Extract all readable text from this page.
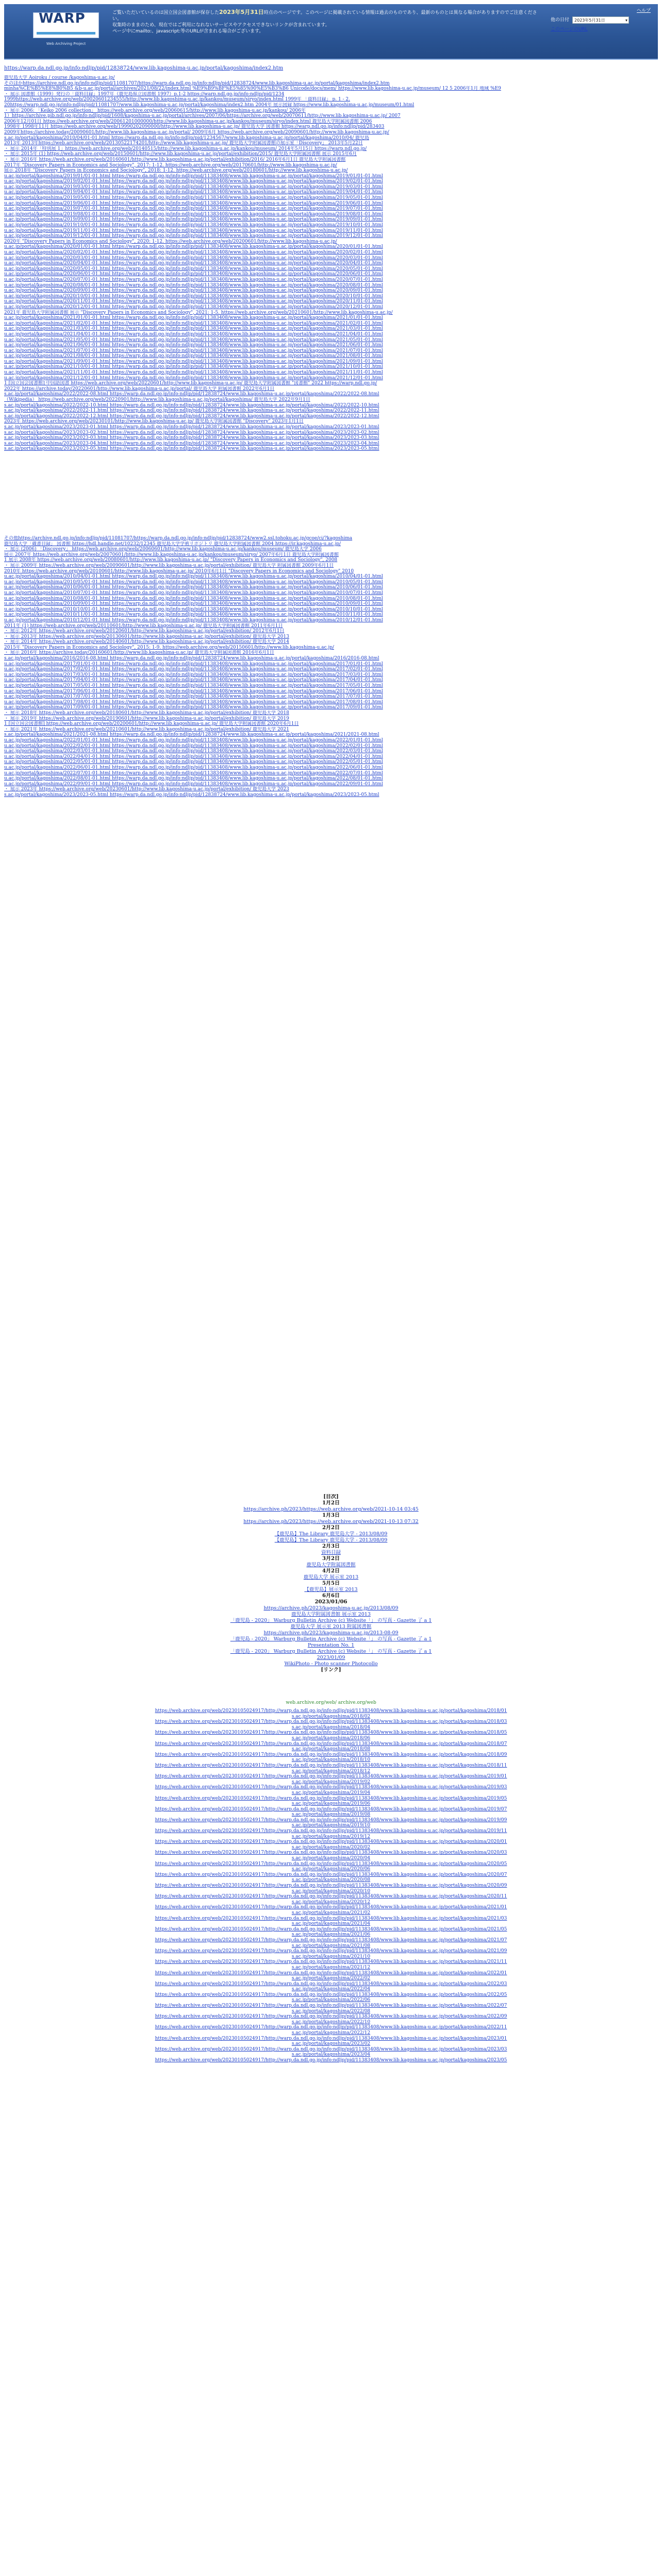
WARP
Web Archiving Project
ご覧いただいているのは国立国会図書館が保存した2023年5月31日時点のページです。このページに掲載されている情報は過去のものであり、最新のものとは異なる場合がありますのでご注意ください。
収集時のままのため、現在ではご利用になれないサービスやアクセスできないリンクが含まれています。
ページ中にmailto:、javascript:等のURLが含まれる場合がございます。
ヘルプ
他の日付	2023年5月31日	▾
このページのURL
https://warp.da.ndl.go.jp/info:ndljp/pid/12838724/www.lib.kagoshima-u.ac.jp/portal/kagoshima/index2.htm
鹿児島大学 Aoiroku / course /kagoshima-u.ac.jp/
そのほかhttps://archive.ndl.go.jp/info:ndljp/pid/11081707/https://warp.da.ndl.go.jp/info:ndljp/pid/12838724/www.lib.kagoshima-u.ac.jp/portal/kagoshima/index2.htm
minha%CE%B5%E8%B0%B5 &b-u.ac.jp/portal/archives/2021/08/22/index.html %E9%B9%BF%E5%85%90%E5%B3%B6 Unicode/docs/mem/ https://www.lib.kagoshima-u.ac.jp/museum/ 12 5 2006年1月 地域 %E9
・ 展示 図書館（1999）発行の「資料目録」1997年（鹿児島県立図書館 1997）p.1-2 https://warp.ndl.go.jp/info:ndljp/pid/1234
1999https://web.archive.org/web/20020601234555/http://www.lib.kagoshima-u.ac.jp/kankou/museum/siryo/index.html 1999年 「資料目録」 p. 1 - 2.
20https://warp.ndl.go.jp/info:ndljp/pid/11081707/www.lib.kagoshima-u.ac.jp/portal/kagoshima/index2.htm 2004年 展示図録 https://www.lib.kagoshima-u.ac.jp/museum/01.html
・ 展示 2006: 「Keiko 2006 collection」 https://web.archive.org/web/20060615/http://www.lib.kagoshima-u.ac.jp/kankou/ 2006年
1）https://archive.pib.ndl.go.jp/info:ndljp/pid/1608/kagoshima-u.ac.jp/portal/archives/2007/06/https://archive.org/web/20070611/http://www.lib.kagoshima-u.ac.jp/ 2007
2006年12月01日 https://web.archive.org/web/20061201000000/http://www.lib.kagoshima-u.ac.jp/kankou/museum/siryo/index.html 鹿児島大学附属図書館 2006
1998年 1998年11月 https://web.archive.org/web/19990202090000/http://www.lib.kagoshima-u.ac.jp/ 鹿児島大学 図書館 https://warp.ndl.go.jp/info:ndljp/pid/283403
2009年https://archive.today/20090601/http://www.lib.kagoshima-u.ac.jp/portal/ 2009年6月 https://web.archive.org/web/20090601/http://www.lib.kagoshima-u.ac.jp/
s.ac.jp/portal/kagoshima/2010/04/01-01.html https://warp.da.ndl.go.jp/info:ndljp/pid/1234567/www.lib.kagoshima-u.ac.jp/portal/kagoshima/2010/04/ 鹿児島
2013年 2013年https://web.archive.org/web/20130522174201/http://www.lib.kagoshima-u.ac.jp/ 鹿児島大学附属図書館の展示室「Discovery」 2013年5月22日
・ 展示 2014年「特別展 1」https://web.archive.org/web/20140515/http://www.lib.kagoshima-u.ac.jp/kankou/museum/ 2014年5月15日 https://warp.ndl.go.jp/
・ 展示 2015年 (1) https://web.archive.org/web/20150601/http://www.lib.kagoshima-u.ac.jp/portal/exhibition/2015/ 鹿児島大学附属図書館 展示 2015年6月
・ 展示 2016年 https://web.archive.org/web/20160601/http://www.lib.kagoshima-u.ac.jp/portal/exhibition/2016/ 2016年6月1日 鹿児島大学附属図書館
2017年 "Discovery Papers in Economics and Sociology", 2017: 1-12. https://web.archive.org/web/20170601/http://www.lib.kagoshima-u.ac.jp/
展示 2018年 "Discovery Papers in Economics and Sociology", 2018: 1-12. https://web.archive.org/web/20180601/http://www.lib.kagoshima-u.ac.jp/
u.ac.jp/portal/kagoshima/2019/01/01-01.html https://warp.da.ndl.go.jp/info:ndljp/pid/11383408/www.lib.kagoshima-u.ac.jp/portal/kagoshima/2019/01/01-01.html
u.ac.jp/portal/kagoshima/2019/02/01-01.html https://warp.da.ndl.go.jp/info:ndljp/pid/11383408/www.lib.kagoshima-u.ac.jp/portal/kagoshima/2019/02/01-01.html
u.ac.jp/portal/kagoshima/2019/03/01-01.html https://warp.da.ndl.go.jp/info:ndljp/pid/11383408/www.lib.kagoshima-u.ac.jp/portal/kagoshima/2019/03/01-01.html
u.ac.jp/portal/kagoshima/2019/04/01-01.html https://warp.da.ndl.go.jp/info:ndljp/pid/11383408/www.lib.kagoshima-u.ac.jp/portal/kagoshima/2019/04/01-01.html
u.ac.jp/portal/kagoshima/2019/05/01-01.html https://warp.da.ndl.go.jp/info:ndljp/pid/11383408/www.lib.kagoshima-u.ac.jp/portal/kagoshima/2019/05/01-01.html
u.ac.jp/portal/kagoshima/2019/06/01-01.html https://warp.da.ndl.go.jp/info:ndljp/pid/11383408/www.lib.kagoshima-u.ac.jp/portal/kagoshima/2019/06/01-01.html
u.ac.jp/portal/kagoshima/2019/07/01-01.html https://warp.da.ndl.go.jp/info:ndljp/pid/11383408/www.lib.kagoshima-u.ac.jp/portal/kagoshima/2019/07/01-01.html
u.ac.jp/portal/kagoshima/2019/08/01-01.html https://warp.da.ndl.go.jp/info:ndljp/pid/11383408/www.lib.kagoshima-u.ac.jp/portal/kagoshima/2019/08/01-01.html
u.ac.jp/portal/kagoshima/2019/09/01-01.html https://warp.da.ndl.go.jp/info:ndljp/pid/11383408/www.lib.kagoshima-u.ac.jp/portal/kagoshima/2019/09/01-01.html
u.ac.jp/portal/kagoshima/2019/10/01-01.html https://warp.da.ndl.go.jp/info:ndljp/pid/11383408/www.lib.kagoshima-u.ac.jp/portal/kagoshima/2019/10/01-01.html
u.ac.jp/portal/kagoshima/2019/11/01-01.html https://warp.da.ndl.go.jp/info:ndljp/pid/11383408/www.lib.kagoshima-u.ac.jp/portal/kagoshima/2019/11/01-01.html
u.ac.jp/portal/kagoshima/2019/12/01-01.html https://warp.da.ndl.go.jp/info:ndljp/pid/11383408/www.lib.kagoshima-u.ac.jp/portal/kagoshima/2019/12/01-01.html
2020年 "Discovery Papers in Economics and Sociology", 2020: 1-12. https://web.archive.org/web/20200601/http://www.lib.kagoshima-u.ac.jp/
u.ac.jp/portal/kagoshima/2020/01/01-01.html https://warp.da.ndl.go.jp/info:ndljp/pid/11383408/www.lib.kagoshima-u.ac.jp/portal/kagoshima/2020/01/01-01.html
u.ac.jp/portal/kagoshima/2020/02/01-01.html https://warp.da.ndl.go.jp/info:ndljp/pid/11383408/www.lib.kagoshima-u.ac.jp/portal/kagoshima/2020/02/01-01.html
u.ac.jp/portal/kagoshima/2020/03/01-01.html https://warp.da.ndl.go.jp/info:ndljp/pid/11383408/www.lib.kagoshima-u.ac.jp/portal/kagoshima/2020/03/01-01.html
u.ac.jp/portal/kagoshima/2020/04/01-01.html https://warp.da.ndl.go.jp/info:ndljp/pid/11383408/www.lib.kagoshima-u.ac.jp/portal/kagoshima/2020/04/01-01.html
u.ac.jp/portal/kagoshima/2020/05/01-01.html https://warp.da.ndl.go.jp/info:ndljp/pid/11383408/www.lib.kagoshima-u.ac.jp/portal/kagoshima/2020/05/01-01.html
u.ac.jp/portal/kagoshima/2020/06/01-01.html https://warp.da.ndl.go.jp/info:ndljp/pid/11383408/www.lib.kagoshima-u.ac.jp/portal/kagoshima/2020/06/01-01.html
u.ac.jp/portal/kagoshima/2020/07/01-01.html https://warp.da.ndl.go.jp/info:ndljp/pid/11383408/www.lib.kagoshima-u.ac.jp/portal/kagoshima/2020/07/01-01.html
u.ac.jp/portal/kagoshima/2020/08/01-01.html https://warp.da.ndl.go.jp/info:ndljp/pid/11383408/www.lib.kagoshima-u.ac.jp/portal/kagoshima/2020/08/01-01.html
u.ac.jp/portal/kagoshima/2020/09/01-01.html https://warp.da.ndl.go.jp/info:ndljp/pid/11383408/www.lib.kagoshima-u.ac.jp/portal/kagoshima/2020/09/01-01.html
u.ac.jp/portal/kagoshima/2020/10/01-01.html https://warp.da.ndl.go.jp/info:ndljp/pid/11383408/www.lib.kagoshima-u.ac.jp/portal/kagoshima/2020/10/01-01.html
u.ac.jp/portal/kagoshima/2020/11/01-01.html https://warp.da.ndl.go.jp/info:ndljp/pid/11383408/www.lib.kagoshima-u.ac.jp/portal/kagoshima/2020/11/01-01.html
u.ac.jp/portal/kagoshima/2020/12/01-01.html https://warp.da.ndl.go.jp/info:ndljp/pid/11383408/www.lib.kagoshima-u.ac.jp/portal/kagoshima/2020/12/01-01.html
2021年 鹿児島大学附属図書館 展示 "Discovery Papers in Economics and Sociology", 2021: 1-5. https://web.archive.org/web/20210601/http://www.lib.kagoshima-u.ac.jp/
u.ac.jp/portal/kagoshima/2021/01/01-01.html https://warp.da.ndl.go.jp/info:ndljp/pid/11383408/www.lib.kagoshima-u.ac.jp/portal/kagoshima/2021/01/01-01.html
u.ac.jp/portal/kagoshima/2021/02/01-01.html https://warp.da.ndl.go.jp/info:ndljp/pid/11383408/www.lib.kagoshima-u.ac.jp/portal/kagoshima/2021/02/01-01.html
u.ac.jp/portal/kagoshima/2021/03/01-01.html https://warp.da.ndl.go.jp/info:ndljp/pid/11383408/www.lib.kagoshima-u.ac.jp/portal/kagoshima/2021/03/01-01.html
u.ac.jp/portal/kagoshima/2021/04/01-01.html https://warp.da.ndl.go.jp/info:ndljp/pid/11383408/www.lib.kagoshima-u.ac.jp/portal/kagoshima/2021/04/01-01.html
u.ac.jp/portal/kagoshima/2021/05/01-01.html https://warp.da.ndl.go.jp/info:ndljp/pid/11383408/www.lib.kagoshima-u.ac.jp/portal/kagoshima/2021/05/01-01.html
u.ac.jp/portal/kagoshima/2021/06/01-01.html https://warp.da.ndl.go.jp/info:ndljp/pid/11383408/www.lib.kagoshima-u.ac.jp/portal/kagoshima/2021/06/01-01.html
u.ac.jp/portal/kagoshima/2021/07/01-01.html https://warp.da.ndl.go.jp/info:ndljp/pid/11383408/www.lib.kagoshima-u.ac.jp/portal/kagoshima/2021/07/01-01.html
u.ac.jp/portal/kagoshima/2021/08/01-01.html https://warp.da.ndl.go.jp/info:ndljp/pid/11383408/www.lib.kagoshima-u.ac.jp/portal/kagoshima/2021/08/01-01.html
u.ac.jp/portal/kagoshima/2021/09/01-01.html https://warp.da.ndl.go.jp/info:ndljp/pid/11383408/www.lib.kagoshima-u.ac.jp/portal/kagoshima/2021/09/01-01.html
u.ac.jp/portal/kagoshima/2021/10/01-01.html https://warp.da.ndl.go.jp/info:ndljp/pid/11383408/www.lib.kagoshima-u.ac.jp/portal/kagoshima/2021/10/01-01.html
u.ac.jp/portal/kagoshima/2021/11/01-01.html https://warp.da.ndl.go.jp/info:ndljp/pid/11383408/www.lib.kagoshima-u.ac.jp/portal/kagoshima/2021/11/01-01.html
u.ac.jp/portal/kagoshima/2021/12/01-01.html https://warp.da.ndl.go.jp/info:ndljp/pid/11383408/www.lib.kagoshima-u.ac.jp/portal/kagoshima/2021/12/01-01.html
1 [国立国会図書館] 中国語図書 https://web.archive.org/web/20220601/http://www.lib.kagoshima-u.ac.jp/ 鹿児島大学附属図書館 "図書館" 2022 https://warp.ndl.go.jp/
2022年 https://archive.today/20220601/http://www.lib.kagoshima-u.ac.jp/portal/ 鹿児島大学 附属図書館 2022年6月1日
s.ac.jp/portal/kagoshima/2022/2022-08.html https://warp.da.ndl.go.jp/info:ndljp/pid/12838724/www.lib.kagoshima-u.ac.jp/portal/kagoshima/2022/2022-08.html
（Wikipedia） https://web.archive.org/web/20220901/http://www.lib.kagoshima-u.ac.jp/portal/kagoshima/ 鹿児島大学 2022年9月1日
s.ac.jp/portal/kagoshima/2022/2022-10.html https://warp.da.ndl.go.jp/info:ndljp/pid/12838724/www.lib.kagoshima-u.ac.jp/portal/kagoshima/2022/2022-10.html
s.ac.jp/portal/kagoshima/2022/2022-11.html https://warp.da.ndl.go.jp/info:ndljp/pid/12838724/www.lib.kagoshima-u.ac.jp/portal/kagoshima/2022/2022-11.html
s.ac.jp/portal/kagoshima/2022/2022-12.html https://warp.da.ndl.go.jp/info:ndljp/pid/12838724/www.lib.kagoshima-u.ac.jp/portal/kagoshima/2022/2022-12.html
2023年 https://web.archive.org/web/20230101/http://www.lib.kagoshima-u.ac.jp/ 鹿児島大学附属図書館 "Discovery" 2023年1月1日
s.ac.jp/portal/kagoshima/2023/2023-01.html https://warp.da.ndl.go.jp/info:ndljp/pid/12838724/www.lib.kagoshima-u.ac.jp/portal/kagoshima/2023/2023-01.html
s.ac.jp/portal/kagoshima/2023/2023-02.html https://warp.da.ndl.go.jp/info:ndljp/pid/12838724/www.lib.kagoshima-u.ac.jp/portal/kagoshima/2023/2023-02.html
s.ac.jp/portal/kagoshima/2023/2023-03.html https://warp.da.ndl.go.jp/info:ndljp/pid/12838724/www.lib.kagoshima-u.ac.jp/portal/kagoshima/2023/2023-03.html
s.ac.jp/portal/kagoshima/2023/2023-04.html https://warp.da.ndl.go.jp/info:ndljp/pid/12838724/www.lib.kagoshima-u.ac.jp/portal/kagoshima/2023/2023-04.html
s.ac.jp/portal/kagoshima/2023/2023-05.html https://warp.da.ndl.go.jp/info:ndljp/pid/12838724/www.lib.kagoshima-u.ac.jp/portal/kagoshima/2023/2023-05.html
その他https://archive.ndl.go.jp/info:ndljp/pid/11081707/https://warp.da.ndl.go.jp/info:ndljp/pid/12838724/www2.ssl.tohoku.ac.jp/gcoe/ci/?kagoshima
鹿児島大学「蔵書目録」 図書館 https://hdl.handle.net/10232/12345 鹿児島大学学術リポジトリ 鹿児島大学附属図書館 2004 https://ir.kagoshima-u.ac.jp/
・ 展示 (2006) 「Discovery」 https://web.archive.org/web/20060601/http://www.lib.kagoshima-u.ac.jp/kankou/museum/ 鹿児島大学 2006
展示 2007年 https://web.archive.org/web/20070601/http://www.lib.kagoshima-u.ac.jp/kankou/museum/siryo/ 2007年6月1日 鹿児島大学附属図書館
1 展示 2008年 https://web.archive.org/web/20080601/http://www.lib.kagoshima-u.ac.jp/ "Discovery Papers in Economics and Sociology", 2008
・ 展示 2009年 https://web.archive.org/web/20090601/http://www.lib.kagoshima-u.ac.jp/portal/exhibition/ 鹿児島大学 附属図書館 2009年6月1日
2010年 https://web.archive.org/web/20100601/http://www.lib.kagoshima-u.ac.jp/ 2010年6月1日 "Discovery Papers in Economics and Sociology" 2010
u.ac.jp/portal/kagoshima/2010/04/01-01.html https://warp.da.ndl.go.jp/info:ndljp/pid/11383408/www.lib.kagoshima-u.ac.jp/portal/kagoshima/2010/04/01-01.html
u.ac.jp/portal/kagoshima/2010/05/01-01.html https://warp.da.ndl.go.jp/info:ndljp/pid/11383408/www.lib.kagoshima-u.ac.jp/portal/kagoshima/2010/05/01-01.html
u.ac.jp/portal/kagoshima/2010/06/01-01.html https://warp.da.ndl.go.jp/info:ndljp/pid/11383408/www.lib.kagoshima-u.ac.jp/portal/kagoshima/2010/06/01-01.html
u.ac.jp/portal/kagoshima/2010/07/01-01.html https://warp.da.ndl.go.jp/info:ndljp/pid/11383408/www.lib.kagoshima-u.ac.jp/portal/kagoshima/2010/07/01-01.html
u.ac.jp/portal/kagoshima/2010/08/01-01.html https://warp.da.ndl.go.jp/info:ndljp/pid/11383408/www.lib.kagoshima-u.ac.jp/portal/kagoshima/2010/08/01-01.html
u.ac.jp/portal/kagoshima/2010/09/01-01.html https://warp.da.ndl.go.jp/info:ndljp/pid/11383408/www.lib.kagoshima-u.ac.jp/portal/kagoshima/2010/09/01-01.html
u.ac.jp/portal/kagoshima/2010/10/01-01.html https://warp.da.ndl.go.jp/info:ndljp/pid/11383408/www.lib.kagoshima-u.ac.jp/portal/kagoshima/2010/10/01-01.html
u.ac.jp/portal/kagoshima/2010/11/01-01.html https://warp.da.ndl.go.jp/info:ndljp/pid/11383408/www.lib.kagoshima-u.ac.jp/portal/kagoshima/2010/11/01-01.html
u.ac.jp/portal/kagoshima/2010/12/01-01.html https://warp.da.ndl.go.jp/info:ndljp/pid/11383408/www.lib.kagoshima-u.ac.jp/portal/kagoshima/2010/12/01-01.html
2011年 (1) https://web.archive.org/web/20110601/http://www.lib.kagoshima-u.ac.jp/ 鹿児島大学附属図書館 2011年6月1日
・ 展示 2012年 https://web.archive.org/web/20120601/http://www.lib.kagoshima-u.ac.jp/portal/exhibition/ 2012年6月1日
・ 展示 2013年 https://web.archive.org/web/20130601/http://www.lib.kagoshima-u.ac.jp/portal/exhibition/ 鹿児島大学 2013
・ 展示 2014年 https://web.archive.org/web/20140601/http://www.lib.kagoshima-u.ac.jp/portal/exhibition/ 鹿児島大学 2014
2015年 "Discovery Papers in Economics and Sociology", 2015: 1-9. https://web.archive.org/web/20150601/http://www.lib.kagoshima-u.ac.jp/
・ 展示 2016年 https://archive.today/20160601/http://www.lib.kagoshima-u.ac.jp/ 鹿児島大学附属図書館 2016年6月1日
s.ac.jp/portal/kagoshima/2016/2016-08.html https://warp.da.ndl.go.jp/info:ndljp/pid/12838724/www.lib.kagoshima-u.ac.jp/portal/kagoshima/2016/2016-08.html
u.ac.jp/portal/kagoshima/2017/01/01-01.html https://warp.da.ndl.go.jp/info:ndljp/pid/11383408/www.lib.kagoshima-u.ac.jp/portal/kagoshima/2017/01/01-01.html
u.ac.jp/portal/kagoshima/2017/02/01-01.html https://warp.da.ndl.go.jp/info:ndljp/pid/11383408/www.lib.kagoshima-u.ac.jp/portal/kagoshima/2017/02/01-01.html
u.ac.jp/portal/kagoshima/2017/03/01-01.html https://warp.da.ndl.go.jp/info:ndljp/pid/11383408/www.lib.kagoshima-u.ac.jp/portal/kagoshima/2017/03/01-01.html
u.ac.jp/portal/kagoshima/2017/04/01-01.html https://warp.da.ndl.go.jp/info:ndljp/pid/11383408/www.lib.kagoshima-u.ac.jp/portal/kagoshima/2017/04/01-01.html
u.ac.jp/portal/kagoshima/2017/05/01-01.html https://warp.da.ndl.go.jp/info:ndljp/pid/11383408/www.lib.kagoshima-u.ac.jp/portal/kagoshima/2017/05/01-01.html
u.ac.jp/portal/kagoshima/2017/06/01-01.html https://warp.da.ndl.go.jp/info:ndljp/pid/11383408/www.lib.kagoshima-u.ac.jp/portal/kagoshima/2017/06/01-01.html
u.ac.jp/portal/kagoshima/2017/07/01-01.html https://warp.da.ndl.go.jp/info:ndljp/pid/11383408/www.lib.kagoshima-u.ac.jp/portal/kagoshima/2017/07/01-01.html
u.ac.jp/portal/kagoshima/2017/08/01-01.html https://warp.da.ndl.go.jp/info:ndljp/pid/11383408/www.lib.kagoshima-u.ac.jp/portal/kagoshima/2017/08/01-01.html
u.ac.jp/portal/kagoshima/2017/09/01-01.html https://warp.da.ndl.go.jp/info:ndljp/pid/11383408/www.lib.kagoshima-u.ac.jp/portal/kagoshima/2017/09/01-01.html
・ 展示 2018年 https://web.archive.org/web/20180601/http://www.lib.kagoshima-u.ac.jp/portal/exhibition/ 鹿児島大学 2018
・ 展示 2019年 https://web.archive.org/web/20190601/http://www.lib.kagoshima-u.ac.jp/portal/exhibition/ 鹿児島大学 2019
1 [国立国会図書館] https://web.archive.org/web/20200601/http://www.lib.kagoshima-u.ac.jp/ 鹿児島大学附属図書館 2020年6月1日
・ 展示 2021年 https://web.archive.org/web/20210601/http://www.lib.kagoshima-u.ac.jp/portal/exhibition/ 鹿児島大学 2021
s.ac.jp/portal/kagoshima/2021/2021-08.html https://warp.da.ndl.go.jp/info:ndljp/pid/12838724/www.lib.kagoshima-u.ac.jp/portal/kagoshima/2021/2021-08.html
u.ac.jp/portal/kagoshima/2022/01/01-01.html https://warp.da.ndl.go.jp/info:ndljp/pid/11383408/www.lib.kagoshima-u.ac.jp/portal/kagoshima/2022/01/01-01.html
u.ac.jp/portal/kagoshima/2022/02/01-01.html https://warp.da.ndl.go.jp/info:ndljp/pid/11383408/www.lib.kagoshima-u.ac.jp/portal/kagoshima/2022/02/01-01.html
u.ac.jp/portal/kagoshima/2022/03/01-01.html https://warp.da.ndl.go.jp/info:ndljp/pid/11383408/www.lib.kagoshima-u.ac.jp/portal/kagoshima/2022/03/01-01.html
u.ac.jp/portal/kagoshima/2022/04/01-01.html https://warp.da.ndl.go.jp/info:ndljp/pid/11383408/www.lib.kagoshima-u.ac.jp/portal/kagoshima/2022/04/01-01.html
u.ac.jp/portal/kagoshima/2022/05/01-01.html https://warp.da.ndl.go.jp/info:ndljp/pid/11383408/www.lib.kagoshima-u.ac.jp/portal/kagoshima/2022/05/01-01.html
u.ac.jp/portal/kagoshima/2022/06/01-01.html https://warp.da.ndl.go.jp/info:ndljp/pid/11383408/www.lib.kagoshima-u.ac.jp/portal/kagoshima/2022/06/01-01.html
u.ac.jp/portal/kagoshima/2022/07/01-01.html https://warp.da.ndl.go.jp/info:ndljp/pid/11383408/www.lib.kagoshima-u.ac.jp/portal/kagoshima/2022/07/01-01.html
u.ac.jp/portal/kagoshima/2022/08/01-01.html https://warp.da.ndl.go.jp/info:ndljp/pid/11383408/www.lib.kagoshima-u.ac.jp/portal/kagoshima/2022/08/01-01.html
u.ac.jp/portal/kagoshima/2022/09/01-01.html https://warp.da.ndl.go.jp/info:ndljp/pid/11383408/www.lib.kagoshima-u.ac.jp/portal/kagoshima/2022/09/01-01.html
・ 展示 2023年 https://web.archive.org/web/20230601/http://www.lib.kagoshima-u.ac.jp/portal/exhibition/ 鹿児島大学 2023
s.ac.jp/portal/kagoshima/2023/2023-05.html https://warp.da.ndl.go.jp/info:ndljp/pid/12838724/www.lib.kagoshima-u.ac.jp/portal/kagoshima/2023/2023-05.html
[目次]
1月2日
https://archive.ph/2023/https://web.archive.org/web/2021-10-14 03:45
1月3日
https://archive.ph/2023/https://web.archive.org/web/2021-10-13 07:32
2月2日
【鹿児島】The Library 鹿児島大学 - 2013/08/09
【鹿児島】The Library 鹿児島大学 - 2013/08/09
2月3日
資料目録
3月2日
鹿児島大学附属図書館
4月2日
鹿児島大学 展示室 2013
5月5日
【鹿児島】展示室 2013
6月6日
2023/01/06
https://archive.ph/2023/kagoshima-u.ac.jp/2013/08/09
鹿児島大学附属図書館 展示室 2013
「鹿児島 - 2020」 Warburg Bulletin Archive (c) Website「」 の写真 - Gazette 了 a 1
鹿児島大学 展示室 2013 附属図書館
https://archive.ph/2023/kagoshima-u.ac.jp/2013-08-09
「鹿児島 - 2020」 Warburg Bulletin Archive (c) Website「」 の写真 - Gazette 了 a 1
Presentation No. 1
「鹿児島 - 2020」 Warburg Bulletin Archive (c) Website「」 の写真 - Gazette 了 a 1
2023/01/09
WikiPhoto - Photo scanner Photocollo
[リンク]
web.archive.org/web/ archive.org/web
https://web.archive.org/web/20230105024917/http://warp.da.ndl.go.jp/info:ndljp/pid/11383408/www.lib.kagoshima-u.ac.jp/portal/kagoshima/2018/01
s.ac.jp/portal/kagoshima/2018/02
https://web.archive.org/web/20230105024917/http://warp.da.ndl.go.jp/info:ndljp/pid/11383408/www.lib.kagoshima-u.ac.jp/portal/kagoshima/2018/03
s.ac.jp/portal/kagoshima/2018/04
https://web.archive.org/web/20230105024917/http://warp.da.ndl.go.jp/info:ndljp/pid/11383408/www.lib.kagoshima-u.ac.jp/portal/kagoshima/2018/05
s.ac.jp/portal/kagoshima/2018/06
https://web.archive.org/web/20230105024917/http://warp.da.ndl.go.jp/info:ndljp/pid/11383408/www.lib.kagoshima-u.ac.jp/portal/kagoshima/2018/07
s.ac.jp/portal/kagoshima/2018/08
https://web.archive.org/web/20230105024917/http://warp.da.ndl.go.jp/info:ndljp/pid/11383408/www.lib.kagoshima-u.ac.jp/portal/kagoshima/2018/09
s.ac.jp/portal/kagoshima/2018/10
https://web.archive.org/web/20230105024917/http://warp.da.ndl.go.jp/info:ndljp/pid/11383408/www.lib.kagoshima-u.ac.jp/portal/kagoshima/2018/11
s.ac.jp/portal/kagoshima/2018/12
https://web.archive.org/web/20230105024917/http://warp.da.ndl.go.jp/info:ndljp/pid/11383408/www.lib.kagoshima-u.ac.jp/portal/kagoshima/2019/01
s.ac.jp/portal/kagoshima/2019/02
https://web.archive.org/web/20230105024917/http://warp.da.ndl.go.jp/info:ndljp/pid/11383408/www.lib.kagoshima-u.ac.jp/portal/kagoshima/2019/03
s.ac.jp/portal/kagoshima/2019/04
https://web.archive.org/web/20230105024917/http://warp.da.ndl.go.jp/info:ndljp/pid/11383408/www.lib.kagoshima-u.ac.jp/portal/kagoshima/2019/05
s.ac.jp/portal/kagoshima/2019/06
https://web.archive.org/web/20230105024917/http://warp.da.ndl.go.jp/info:ndljp/pid/11383408/www.lib.kagoshima-u.ac.jp/portal/kagoshima/2019/07
s.ac.jp/portal/kagoshima/2019/08
https://web.archive.org/web/20230105024917/http://warp.da.ndl.go.jp/info:ndljp/pid/11383408/www.lib.kagoshima-u.ac.jp/portal/kagoshima/2019/09
s.ac.jp/portal/kagoshima/2019/10
https://web.archive.org/web/20230105024917/http://warp.da.ndl.go.jp/info:ndljp/pid/11383408/www.lib.kagoshima-u.ac.jp/portal/kagoshima/2019/11
s.ac.jp/portal/kagoshima/2019/12
https://web.archive.org/web/20230105024917/http://warp.da.ndl.go.jp/info:ndljp/pid/11383408/www.lib.kagoshima-u.ac.jp/portal/kagoshima/2020/01
s.ac.jp/portal/kagoshima/2020/02
https://web.archive.org/web/20230105024917/http://warp.da.ndl.go.jp/info:ndljp/pid/11383408/www.lib.kagoshima-u.ac.jp/portal/kagoshima/2020/03
s.ac.jp/portal/kagoshima/2020/04
https://web.archive.org/web/20230105024917/http://warp.da.ndl.go.jp/info:ndljp/pid/11383408/www.lib.kagoshima-u.ac.jp/portal/kagoshima/2020/05
s.ac.jp/portal/kagoshima/2020/06
https://web.archive.org/web/20230105024917/http://warp.da.ndl.go.jp/info:ndljp/pid/11383408/www.lib.kagoshima-u.ac.jp/portal/kagoshima/2020/07
s.ac.jp/portal/kagoshima/2020/08
https://web.archive.org/web/20230105024917/http://warp.da.ndl.go.jp/info:ndljp/pid/11383408/www.lib.kagoshima-u.ac.jp/portal/kagoshima/2020/09
s.ac.jp/portal/kagoshima/2020/10
https://web.archive.org/web/20230105024917/http://warp.da.ndl.go.jp/info:ndljp/pid/11383408/www.lib.kagoshima-u.ac.jp/portal/kagoshima/2020/11
s.ac.jp/portal/kagoshima/2020/12
https://web.archive.org/web/20230105024917/http://warp.da.ndl.go.jp/info:ndljp/pid/11383408/www.lib.kagoshima-u.ac.jp/portal/kagoshima/2021/01
s.ac.jp/portal/kagoshima/2021/02
https://web.archive.org/web/20230105024917/http://warp.da.ndl.go.jp/info:ndljp/pid/11383408/www.lib.kagoshima-u.ac.jp/portal/kagoshima/2021/03
s.ac.jp/portal/kagoshima/2021/04
https://web.archive.org/web/20230105024917/http://warp.da.ndl.go.jp/info:ndljp/pid/11383408/www.lib.kagoshima-u.ac.jp/portal/kagoshima/2021/05
s.ac.jp/portal/kagoshima/2021/06
https://web.archive.org/web/20230105024917/http://warp.da.ndl.go.jp/info:ndljp/pid/11383408/www.lib.kagoshima-u.ac.jp/portal/kagoshima/2021/07
s.ac.jp/portal/kagoshima/2021/08
https://web.archive.org/web/20230105024917/http://warp.da.ndl.go.jp/info:ndljp/pid/11383408/www.lib.kagoshima-u.ac.jp/portal/kagoshima/2021/09
s.ac.jp/portal/kagoshima/2021/10
https://web.archive.org/web/20230105024917/http://warp.da.ndl.go.jp/info:ndljp/pid/11383408/www.lib.kagoshima-u.ac.jp/portal/kagoshima/2021/11
s.ac.jp/portal/kagoshima/2021/12
https://web.archive.org/web/20230105024917/http://warp.da.ndl.go.jp/info:ndljp/pid/11383408/www.lib.kagoshima-u.ac.jp/portal/kagoshima/2022/01
s.ac.jp/portal/kagoshima/2022/02
https://web.archive.org/web/20230105024917/http://warp.da.ndl.go.jp/info:ndljp/pid/11383408/www.lib.kagoshima-u.ac.jp/portal/kagoshima/2022/03
s.ac.jp/portal/kagoshima/2022/04
https://web.archive.org/web/20230105024917/http://warp.da.ndl.go.jp/info:ndljp/pid/11383408/www.lib.kagoshima-u.ac.jp/portal/kagoshima/2022/05
s.ac.jp/portal/kagoshima/2022/06
https://web.archive.org/web/20230105024917/http://warp.da.ndl.go.jp/info:ndljp/pid/11383408/www.lib.kagoshima-u.ac.jp/portal/kagoshima/2022/07
s.ac.jp/portal/kagoshima/2022/08
https://web.archive.org/web/20230105024917/http://warp.da.ndl.go.jp/info:ndljp/pid/11383408/www.lib.kagoshima-u.ac.jp/portal/kagoshima/2022/09
s.ac.jp/portal/kagoshima/2022/10
https://web.archive.org/web/20230105024917/http://warp.da.ndl.go.jp/info:ndljp/pid/11383408/www.lib.kagoshima-u.ac.jp/portal/kagoshima/2022/11
s.ac.jp/portal/kagoshima/2022/12
https://web.archive.org/web/20230105024917/http://warp.da.ndl.go.jp/info:ndljp/pid/11383408/www.lib.kagoshima-u.ac.jp/portal/kagoshima/2023/01
s.ac.jp/portal/kagoshima/2023/02
https://web.archive.org/web/20230105024917/http://warp.da.ndl.go.jp/info:ndljp/pid/11383408/www.lib.kagoshima-u.ac.jp/portal/kagoshima/2023/03
s.ac.jp/portal/kagoshima/2023/04
https://web.archive.org/web/20230105024917/http://warp.da.ndl.go.jp/info:ndljp/pid/11383408/www.lib.kagoshima-u.ac.jp/portal/kagoshima/2023/05
